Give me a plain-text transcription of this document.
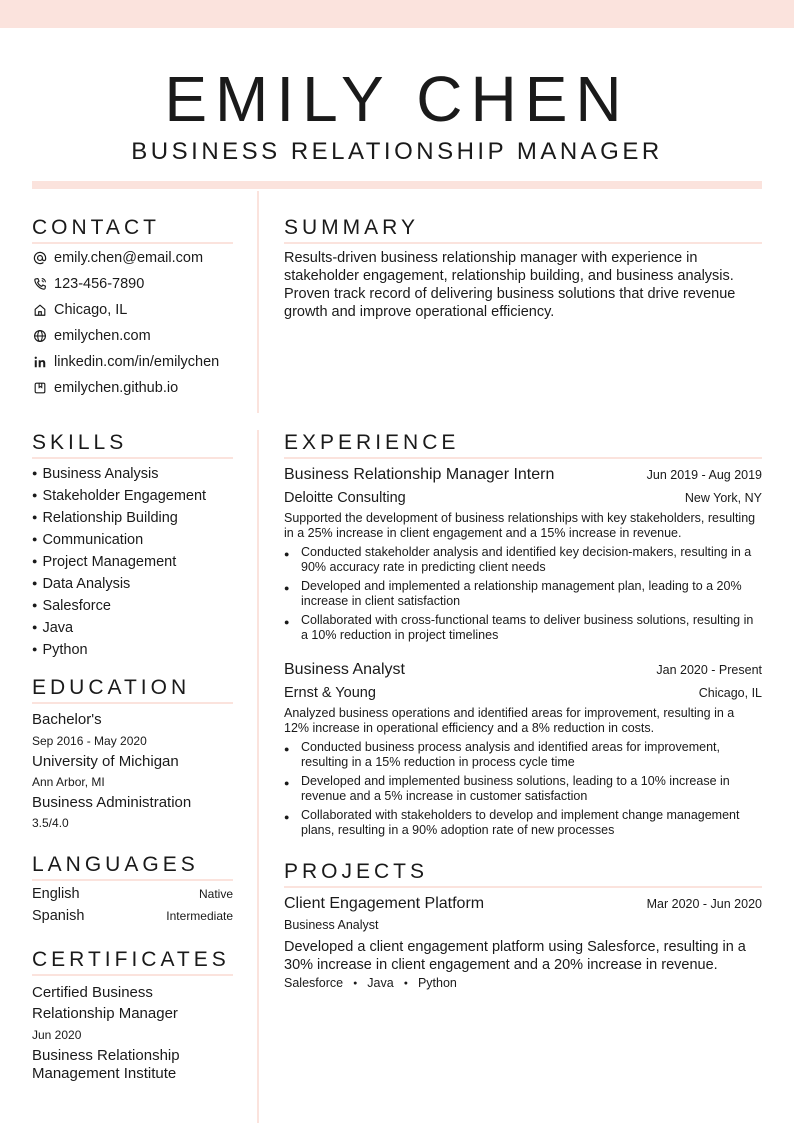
EMILY CHEN
BUSINESS RELATIONSHIP MANAGER
CONTACT
emily.chen@email.com
123-456-7890
Chicago, IL
emilychen.com
linkedin.com/in/emilychen
emilychen.github.io
SUMMARY

Results-driven business relationship manager with experience in stakeholder engagement, relationship building, and business analysis. Proven track record of delivering business solutions that drive revenue growth and improve operational efficiency.

SKILLS
● Business Analysis
● Stakeholder Engagement
● Relationship Building
● Communication
● Project Management
● Data Analysis
● Salesforce
● Java
● Python
EDUCATION
Bachelor's
Sep 2016 - May 2020
University of Michigan
Ann Arbor, MI
Business Administration
3.5/4.0
LANGUAGES
English	Native
Spanish	Intermediate
CERTIFICATES
Certified Business Relationship Manager
Jun 2020
Business Relationship Management Institute
EXPERIENCE
Business Relationship Manager Intern	Jun 2019 - Aug 2019
Deloitte Consulting	New York, NY

Supported the development of business relationships with key stakeholders, resulting in a 25% increase in client engagement and a 15% increase in revenue.

● Conducted stakeholder analysis and identified key decision-makers, resulting in a 90% accuracy rate in predicting client needs
● Developed and implemented a relationship management plan, leading to a 20% increase in client satisfaction
● Collaborated with cross-functional teams to deliver business solutions, resulting in a 10% reduction in project timelines
Business Analyst	Jan 2020 - Present
Ernst & Young	Chicago, IL

Analyzed business operations and identified areas for improvement, resulting in a 12% increase in operational efficiency and a 8% reduction in costs.

● Conducted business process analysis and identified areas for improvement, resulting in a 15% reduction in process cycle time
● Developed and implemented business solutions, leading to a 10% increase in revenue and a 5% increase in customer satisfaction
● Collaborated with stakeholders to develop and implement change management plans, resulting in a 90% adoption rate of new processes
PROJECTS
Client Engagement Platform	Mar 2020 - Jun 2020
Business Analyst

Developed a client engagement platform using Salesforce, resulting in a 30% increase in client engagement and a 20% increase in revenue.

Salesforce ● Java ● Python
